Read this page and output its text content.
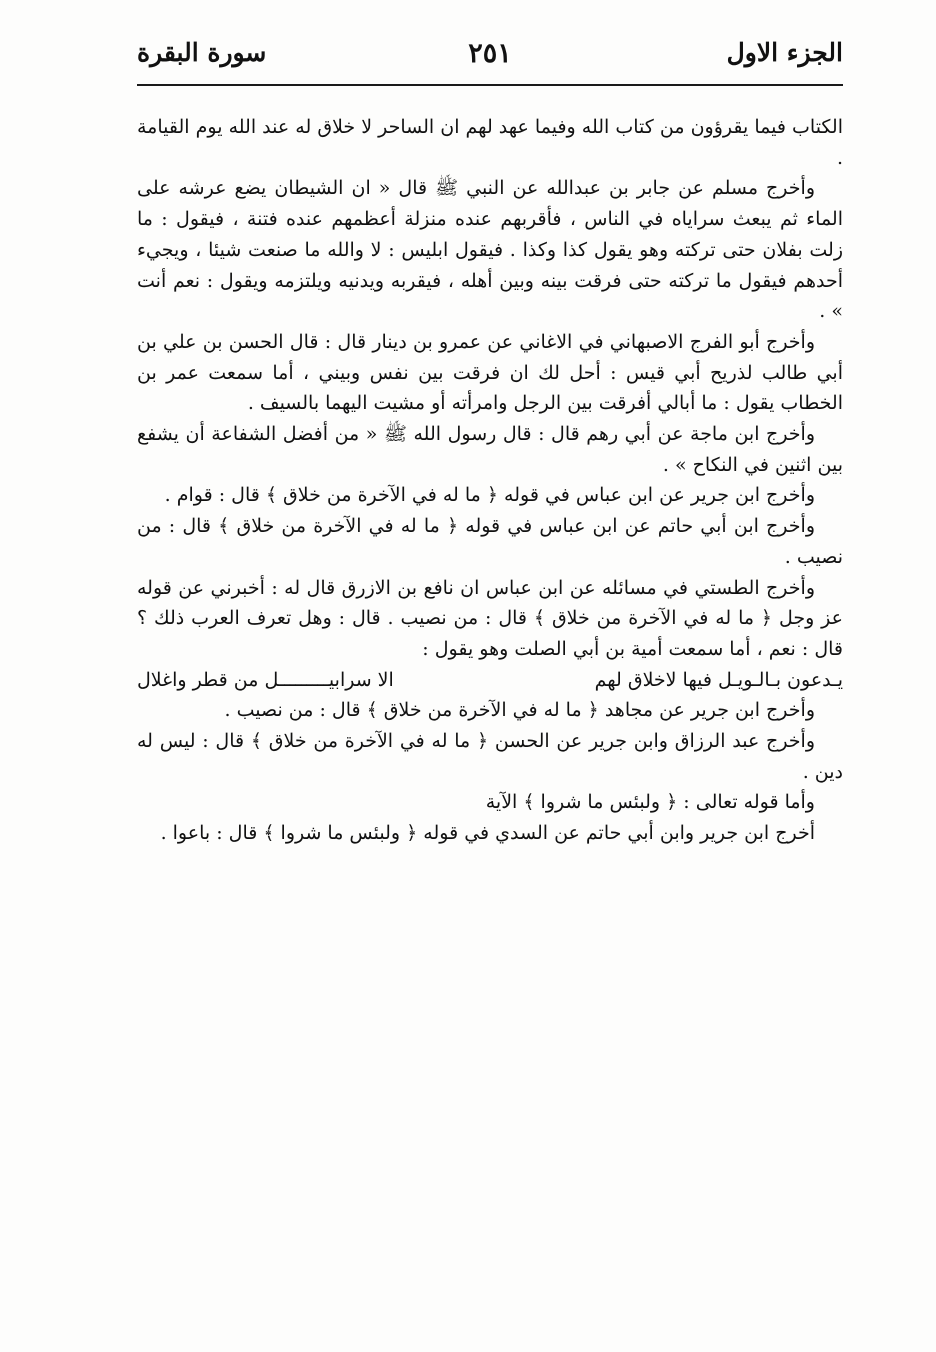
الجزء الاول
٢٥١
سورة البقرة

الكتاب فيما يقرؤون من كتاب الله وفيما عهد لهم ان الساحر لا خلاق له عند الله يوم القيامة .

وأخرج مسلم عن جابر بن عبدالله عن النبي ﷺ قال « ان الشيطان يضع عرشه على الماء ثم يبعث سراياه في الناس ، فأقربهم عنده منزلة أعظمهم عنده فتنة ، فيقول : ما زلت بفلان حتى تركته وهو يقول كذا وكذا . فيقول ابليس : لا والله ما صنعت شيئا ، ويجيء أحدهم فيقول ما تركته حتى فرقت بينه وبين أهله ، فيقربه ويدنيه ويلتزمه ويقول : نعم أنت » .

وأخرج أبو الفرج الاصبهاني في الاغاني عن عمرو بن دينار قال : قال الحسن بن علي بن أبي طالب لذريح أبي قيس : أحل لك ان فرقت بين نفس وبيني ، أما سمعت عمر بن الخطاب يقول : ما أبالي أفرقت بين الرجل وامرأته أو مشيت اليهما بالسيف .

وأخرج ابن ماجة عن أبي رهم قال : قال رسول الله ﷺ « من أفضل الشفاعة أن يشفع بين اثنين في النكاح » .

وأخرج ابن جرير عن ابن عباس في قوله ﴿ ما له في الآخرة من خلاق ﴾ قال : قوام .

وأخرج ابن أبي حاتم عن ابن عباس في قوله ﴿ ما له في الآخرة من خلاق ﴾ قال : من نصيب .

وأخرج الطستي في مسائله عن ابن عباس ان نافع بن الازرق قال له : أخبرني عن قوله عز وجل ﴿ ما له في الآخرة من خلاق ﴾ قال : من نصيب . قال : وهل تعرف العرب ذلك ؟ قال : نعم ، أما سمعت أمية بن أبي الصلت وهو يقول :

يـدعون بـالـويـل فيها لاخلاق لهم
الا سرابيـــــــــل من قطر واغلال

وأخرج ابن جرير عن مجاهد ﴿ ما له في الآخرة من خلاق ﴾ قال : من نصيب .

وأخرج عبد الرزاق وابن جرير عن الحسن ﴿ ما له في الآخرة من خلاق ﴾ قال : ليس له دين .

وأما قوله تعالى : ﴿ ولبئس ما شروا ﴾ الآية

أخرج ابن جرير وابن أبي حاتم عن السدي في قوله ﴿ ولبئس ما شروا ﴾ قال : باعوا .
